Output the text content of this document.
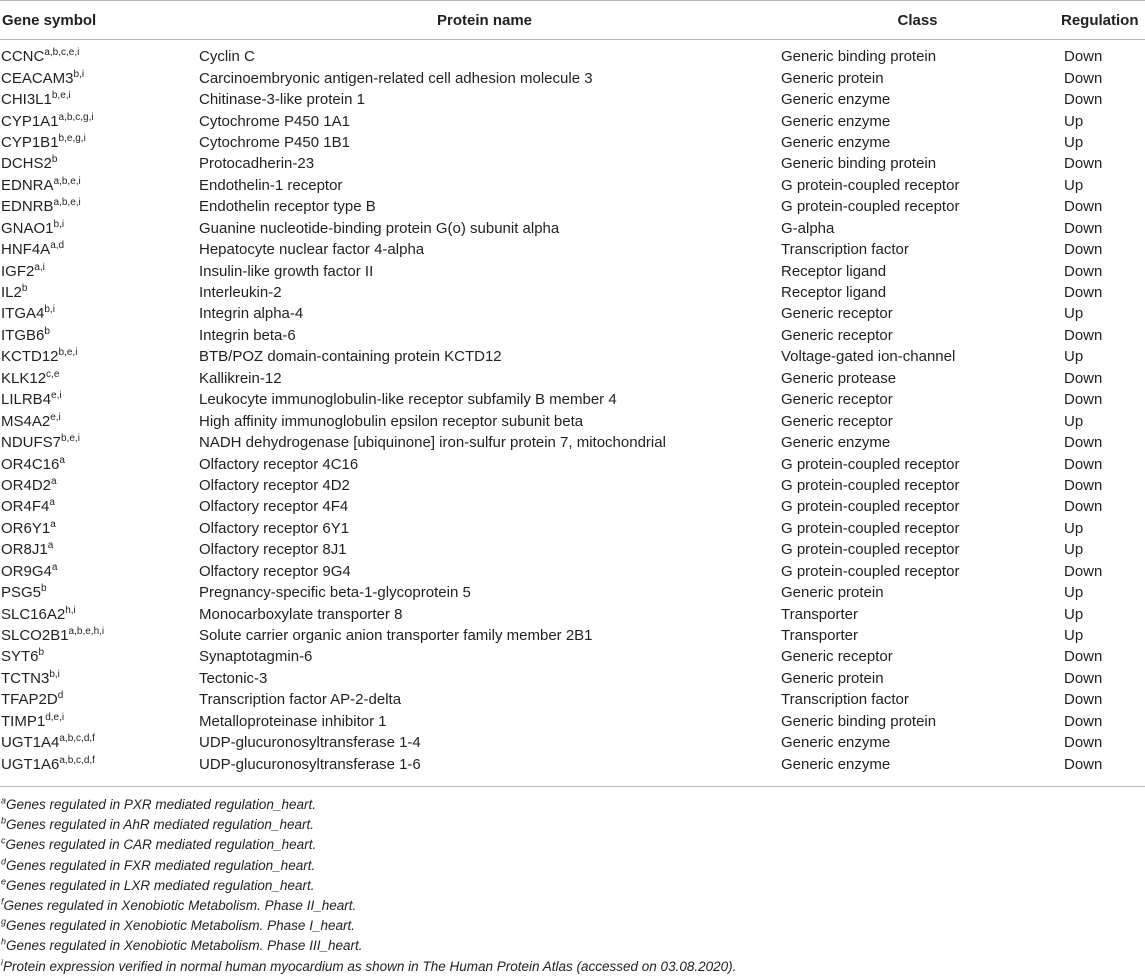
Gene symbol	Protein name	Class	Regulation
CCNC$^{a,b,c,e,i}$	Cyclin C	Generic binding protein	Down
CEACAM3$^{b,i}$	Carcinoembryonic antigen-related cell adhesion molecule 3	Generic protein	Down
CHI3L1$^{b,e,i}$	Chitinase-3-like protein 1	Generic enzyme	Down
CYP1A1$^{a,b,c,g,i}$	Cytochrome P450 1A1	Generic enzyme	Up
CYP1B1$^{b,e,g,i}$	Cytochrome P450 1B1	Generic enzyme	Up
DCHS2$^b$	Protocadherin-23	Generic binding protein	Down
EDNRA$^{a,b,e,i}$	Endothelin-1 receptor	G protein-coupled receptor	Up
EDNRB$^{a,b,e,i}$	Endothelin receptor type B	G protein-coupled receptor	Down
GNAO1$^{b,i}$	Guanine nucleotide-binding protein G(o) subunit alpha	G-alpha	Down
$HNF4A^{a,d}$	Hepatocyte nuclear factor 4-alpha	Transcription factor	Down
IGF2$^{a,i}$	Insulin-like growth factor II	Receptor ligand	Down
IL2$^b$	Interleukin-2	Receptor ligand	Down
ITGA4$^{b,i}$	Integrin alpha-4	Generic receptor	Up
ITGB6$^b$	Integrin beta-6	Generic receptor	Down
KCTD12$^{b,e,i}$	BTB/POZ domain-containing protein KCTD12	Voltage-gated ion-channel	Up
KLK12$^{c,e}$	Kallikrein-12	Generic protease	Down
LILRB4$^{e,i}$	Leukocyte immunoglobulin-like receptor subfamily B member 4	Generic receptor	Down
MS4A2$^{e,i}$	High affinity immunoglobulin epsilon receptor subunit beta	Generic receptor	Up
NDUFS7$^{b,e,i}$	NADH dehydrogenase [ubiquinone] iron-sulfur protein 7, mitochondrial	Generic enzyme	Down
OR4C16$^a$	Olfactory receptor 4C16	G protein-coupled receptor	Down
OR4D2$^a$	Olfactory receptor 4D2	G protein-coupled receptor	Down
OR4F4$^a$	Olfactory receptor 4F4	G protein-coupled receptor	Down
OR6Y1$^a$	Olfactory receptor 6Y1	G protein-coupled receptor	Up
OR8J1$^a$	Olfactory receptor 8J1	G protein-coupled receptor	Up
OR9G4$^a$	Olfactory receptor 9G4	G protein-coupled receptor	Down
PSG5$^b$	Pregnancy-specific beta-1-glycoprotein 5	Generic protein	Up
SLC16A2$^{h,i}$	Monocarboxylate transporter 8	Transporter	Up
SLCO2B1$^{a,b,e,h,i}$	Solute carrier organic anion transporter family member 2B1	Transporter	Up
SYT6$^b$	Synaptotagmin-6	Generic receptor	Down
TCTN3$^{b,i}$	Tectonic-3	Generic protein	Down
$TFAP2D^d$	Transcription factor AP-2-delta	Transcription factor	Down
TIMP1$^{d,e,i}$	Metalloproteinase inhibitor 1	Generic binding protein	Down
UGT1A4$^{a,b,c,d,f}$	UDP-glucuronosyltransferase 1-4	Generic enzyme	Down
UGT1A6$^{a,b,c,d,f}$	UDP-glucuronosyltransferase 1-6	Generic enzyme	Down
$^a$Genes regulated in PXR mediated regulation_heart.
$^b$Genes regulated in AhR mediated regulation_heart.
$^c$Genes regulated in CAR mediated regulation_heart.
$^d$Genes regulated in FXR mediated regulation_heart.
$^e$Genes regulated in LXR mediated regulation_heart.
$^f$Genes regulated in Xenobiotic Metabolism. Phase II_heart.
$^g$Genes regulated in Xenobiotic Metabolism. Phase I_heart.
$^h$Genes regulated in Xenobiotic Metabolism. Phase III_heart.
$^i$Protein expression verified in normal human myocardium as shown in The Human Protein Atlas (accessed on 03.08.2020).
